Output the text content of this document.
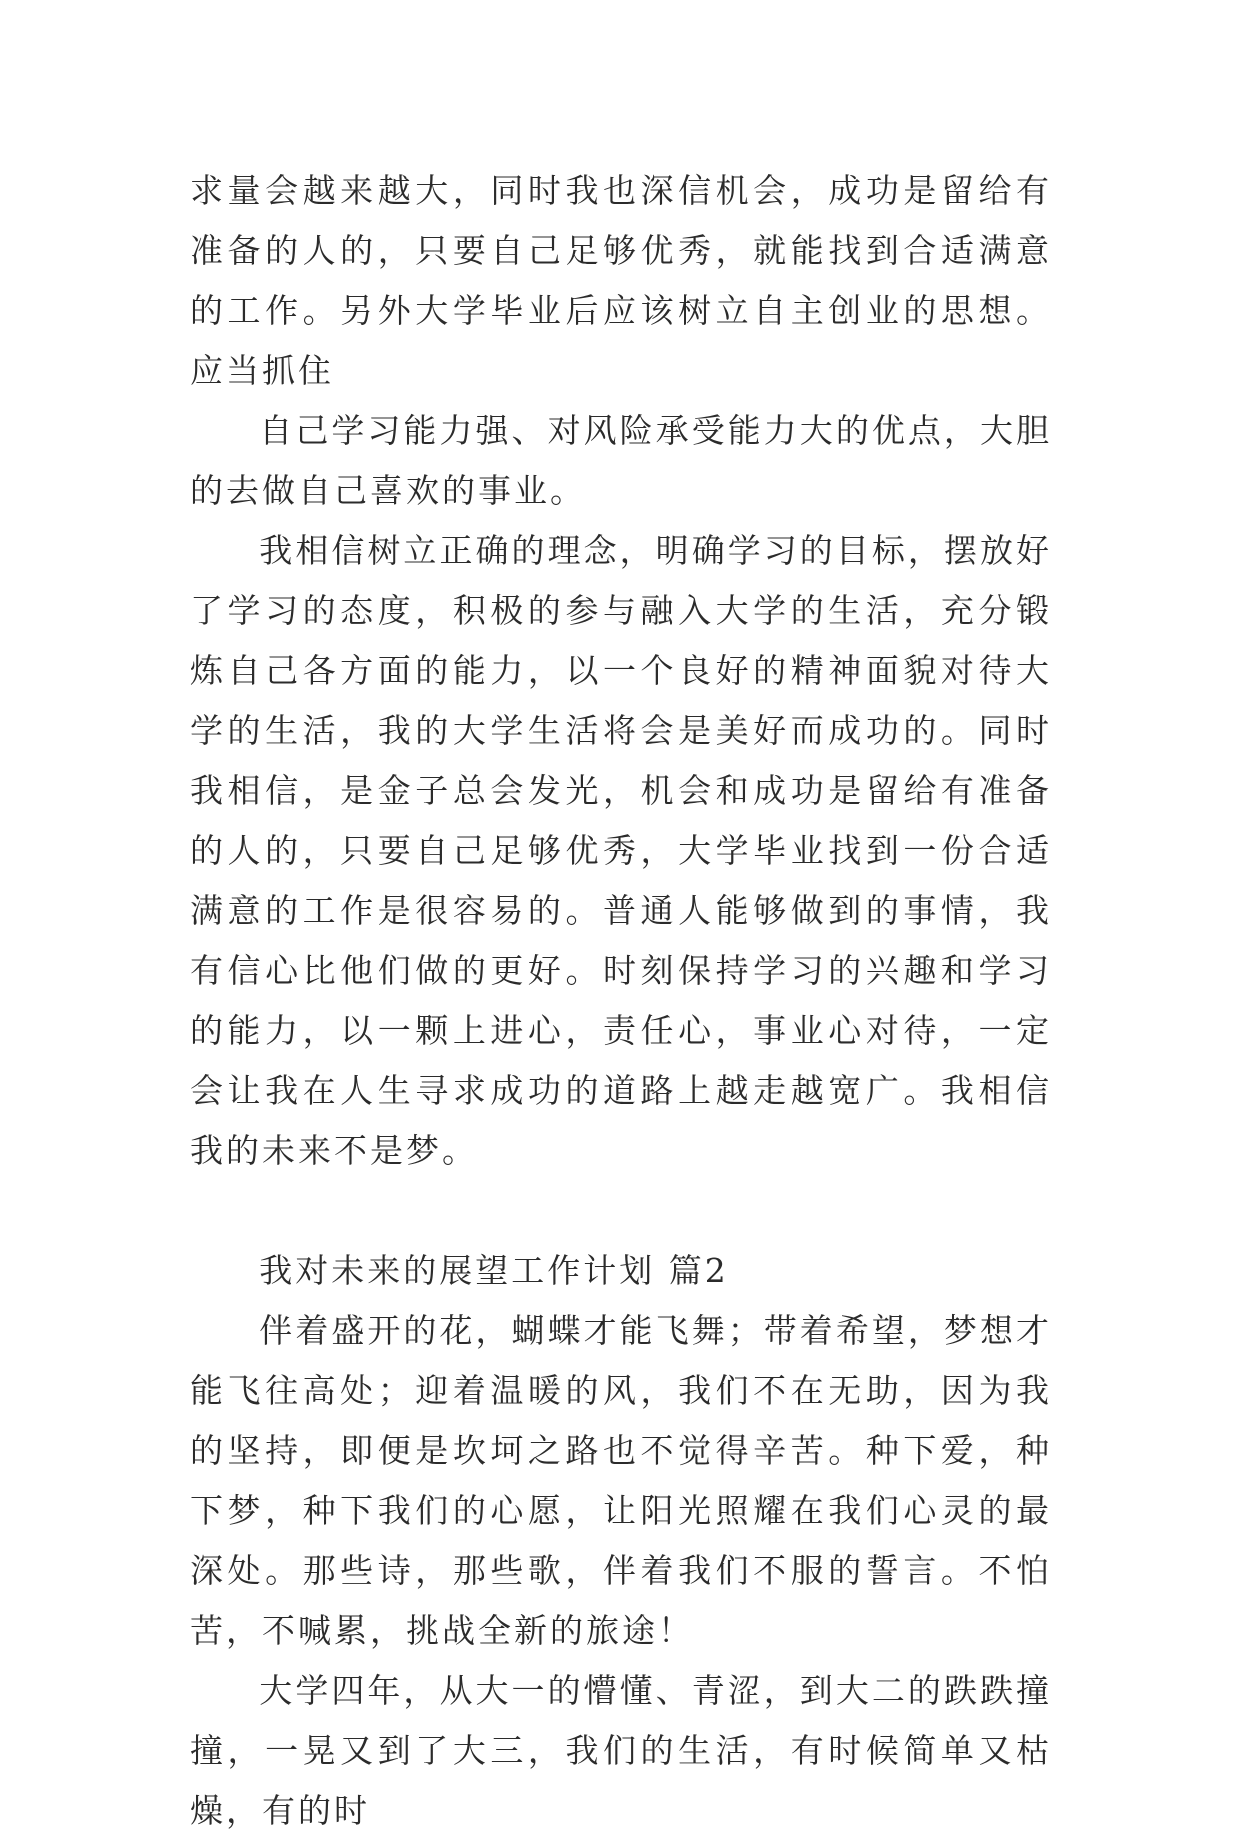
求量会越来越大，同时我也深信机会，成功是留给有准备的人的，只要自己足够优秀，就能找到合适满意的工作。另外大学毕业后应该树立自主创业的思想。应当抓住

自己学习能力强、对风险承受能力大的优点，大胆的去做自己喜欢的事业。

我相信树立正确的理念，明确学习的目标，摆放好了学习的态度，积极的参与融入大学的生活，充分锻炼自己各方面的能力，以一个良好的精神面貌对待大学的生活，我的大学生活将会是美好而成功的。同时我相信，是金子总会发光，机会和成功是留给有准备的人的，只要自己足够优秀，大学毕业找到一份合适满意的工作是很容易的。普通人能够做到的事情，我有信心比他们做的更好。时刻保持学习的兴趣和学习的能力，以一颗上进心，责任心，事业心对待，一定会让我在人生寻求成功的道路上越走越宽广。我相信我的未来不是梦。

我对未来的展望工作计划 篇2

伴着盛开的花，蝴蝶才能飞舞；带着希望，梦想才能飞往高处；迎着温暖的风，我们不在无助，因为我的坚持，即便是坎坷之路也不觉得辛苦。种下爱，种下梦，种下我们的心愿，让阳光照耀在我们心灵的最深处。那些诗，那些歌，伴着我们不服的誓言。不怕苦，不喊累，挑战全新的旅途！

大学四年，从大一的懵懂、青涩，到大二的跌跌撞撞，一晃又到了大三，我们的生活，有时候简单又枯燥，有的时
